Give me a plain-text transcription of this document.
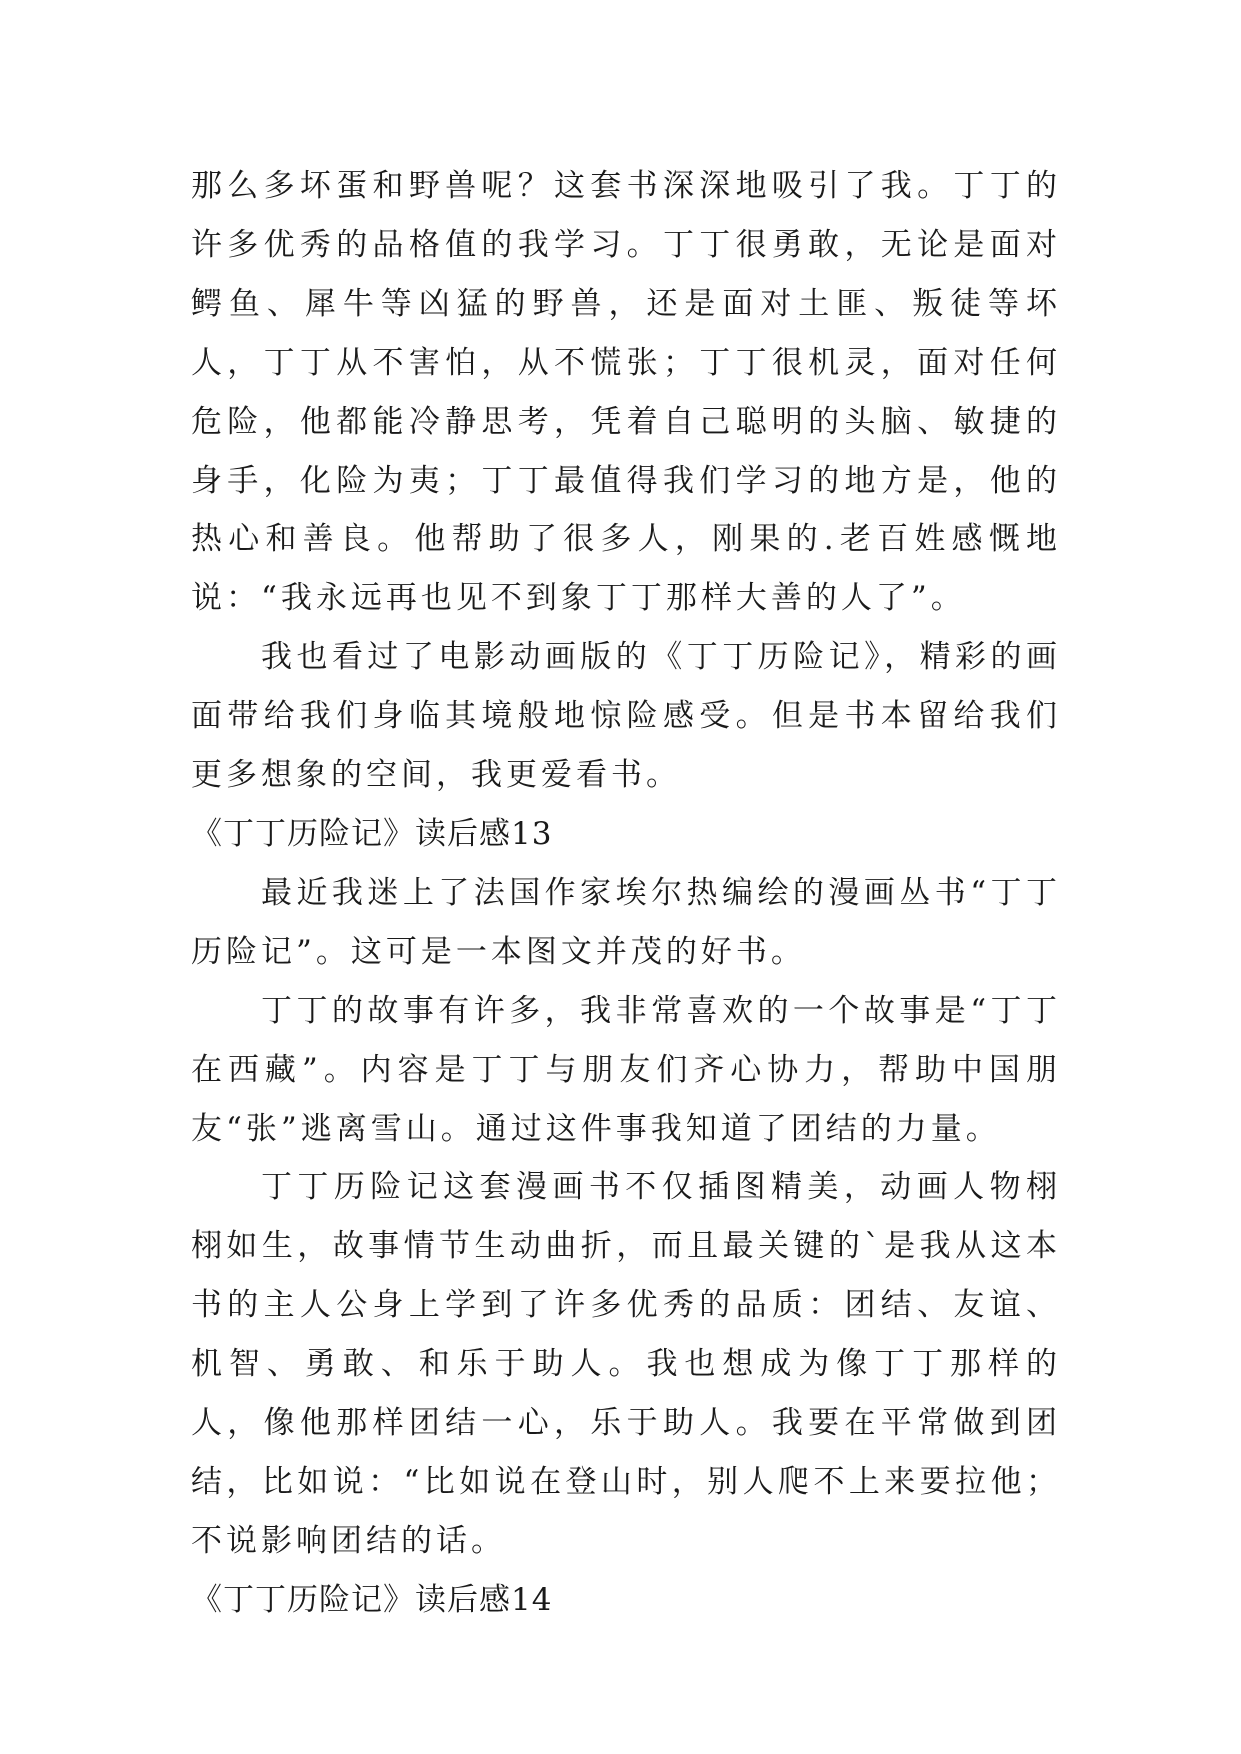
那么多坏蛋和野兽呢？这套书深深地吸引了我。丁丁的许多优秀的品格值的我学习。丁丁很勇敢，无论是面对鳄鱼、犀牛等凶猛的野兽，还是面对土匪、叛徒等坏人，丁丁从不害怕，从不慌张；丁丁很机灵，面对任何危险，他都能冷静思考，凭着自己聪明的头脑、敏捷的身手，化险为夷；丁丁最值得我们学习的地方是，他的热心和善良。他帮助了很多人，刚果的.老百姓感慨地说：“我永远再也见不到象丁丁那样大善的人了”。

我也看过了电影动画版的《丁丁历险记》，精彩的画面带给我们身临其境般地惊险感受。但是书本留给我们更多想象的空间，我更爱看书。

《丁丁历险记》读后感13

最近我迷上了法国作家埃尔热编绘的漫画丛书“丁丁历险记”。这可是一本图文并茂的好书。

丁丁的故事有许多，我非常喜欢的一个故事是“丁丁在西藏”。内容是丁丁与朋友们齐心协力，帮助中国朋友“张”逃离雪山。通过这件事我知道了团结的力量。

丁丁历险记这套漫画书不仅插图精美，动画人物栩栩如生，故事情节生动曲折，而且最关键的`是我从这本书的主人公身上学到了许多优秀的品质：团结、友谊、机智、勇敢、和乐于助人。我也想成为像丁丁那样的人，像他那样团结一心，乐于助人。我要在平常做到团结，比如说：“比如说在登山时，别人爬不上来要拉他；不说影响团结的话。

《丁丁历险记》读后感14
